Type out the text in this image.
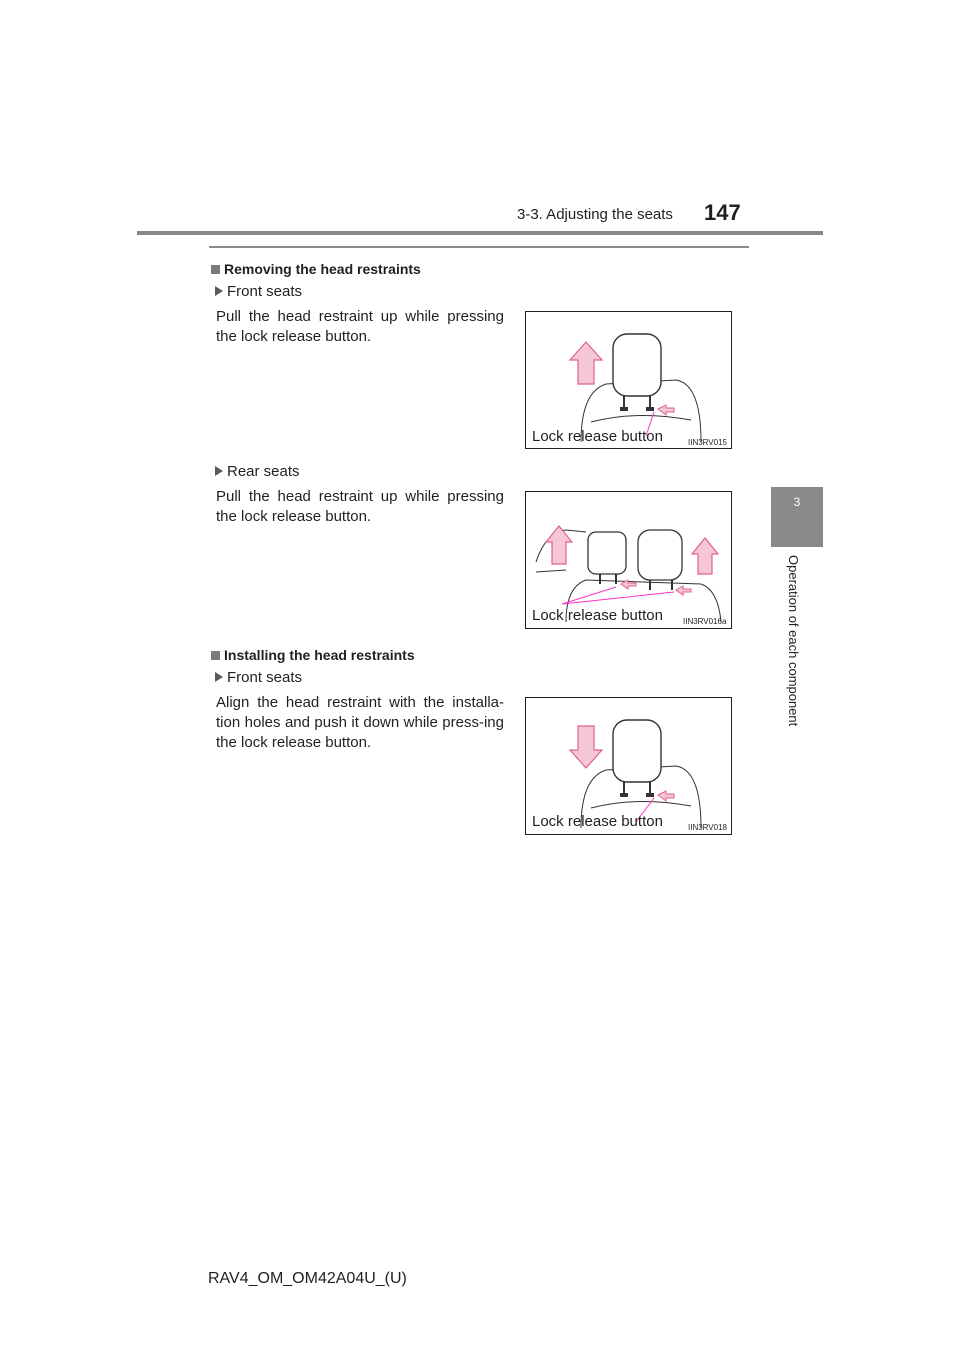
3-3. Adjusting the seats 147
3
Operation of each component
Removing the head restraints
Front seats
Pull the head restraint up while pressing the lock release button.
Lock release button	IIN3RV015
Rear seats
Pull the head restraint up while pressing the lock release button.
Lock release button	IIN3RV016a
Installing the head restraints
Front seats
Align the head restraint with the installa-tion holes and push it down while press-ing the lock release button.
Lock release button	IIN3RV018
RAV4_OM_OM42A04U_(U)
